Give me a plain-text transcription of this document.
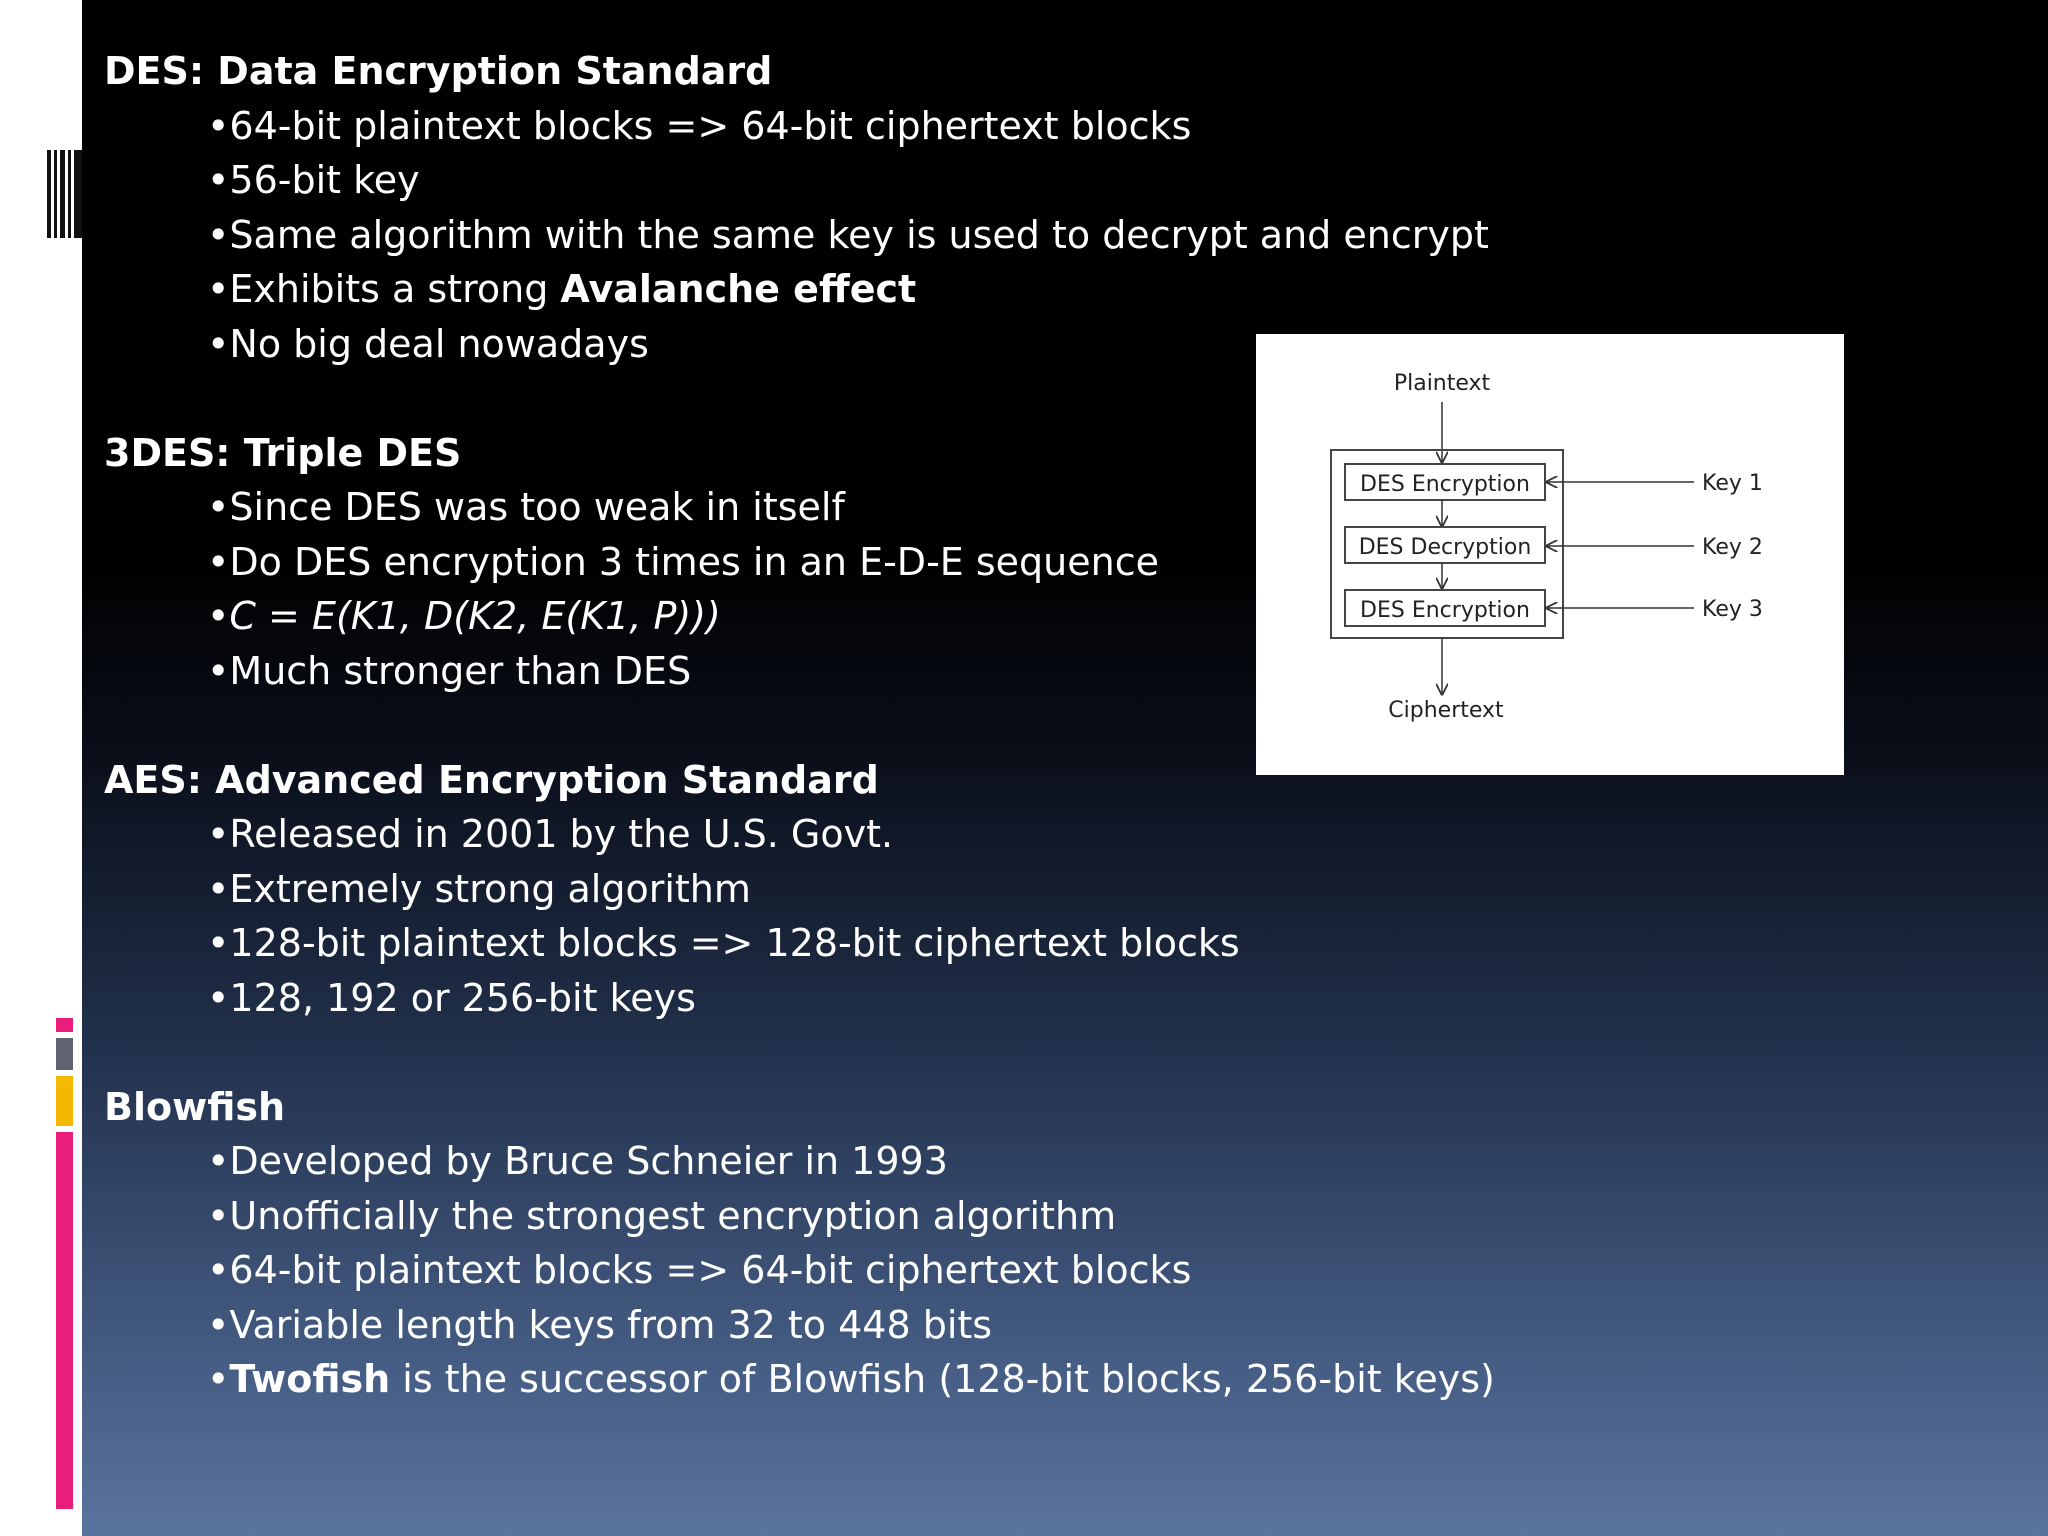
DES: Data Encryption Standard
•64-bit plaintext blocks => 64-bit ciphertext blocks
•56-bit key
•Same algorithm with the same key is used to decrypt and encrypt
•Exhibits a strong Avalanche effect
•No big deal nowadays
3DES: Triple DES
•Since DES was too weak in itself
•Do DES encryption 3 times in an E-D-E sequence
•C = E(K1, D(K2, E(K1, P)))
•Much stronger than DES
AES: Advanced Encryption Standard
•Released in 2001 by the U.S. Govt.
•Extremely strong algorithm
•128-bit plaintext blocks => 128-bit ciphertext blocks
•128, 192 or 256-bit keys
Blowfish
•Developed by Bruce Schneier in 1993
•Unofficially the strongest encryption algorithm
•64-bit plaintext blocks => 64-bit ciphertext blocks
•Variable length keys from 32 to 448 bits
•Twofish is the successor of Blowfish (128-bit blocks, 256-bit keys)
Plaintext
DES Encryption	Key 1
DES Decryption	Key 2
DES Encryption	Key 3
Ciphertext
